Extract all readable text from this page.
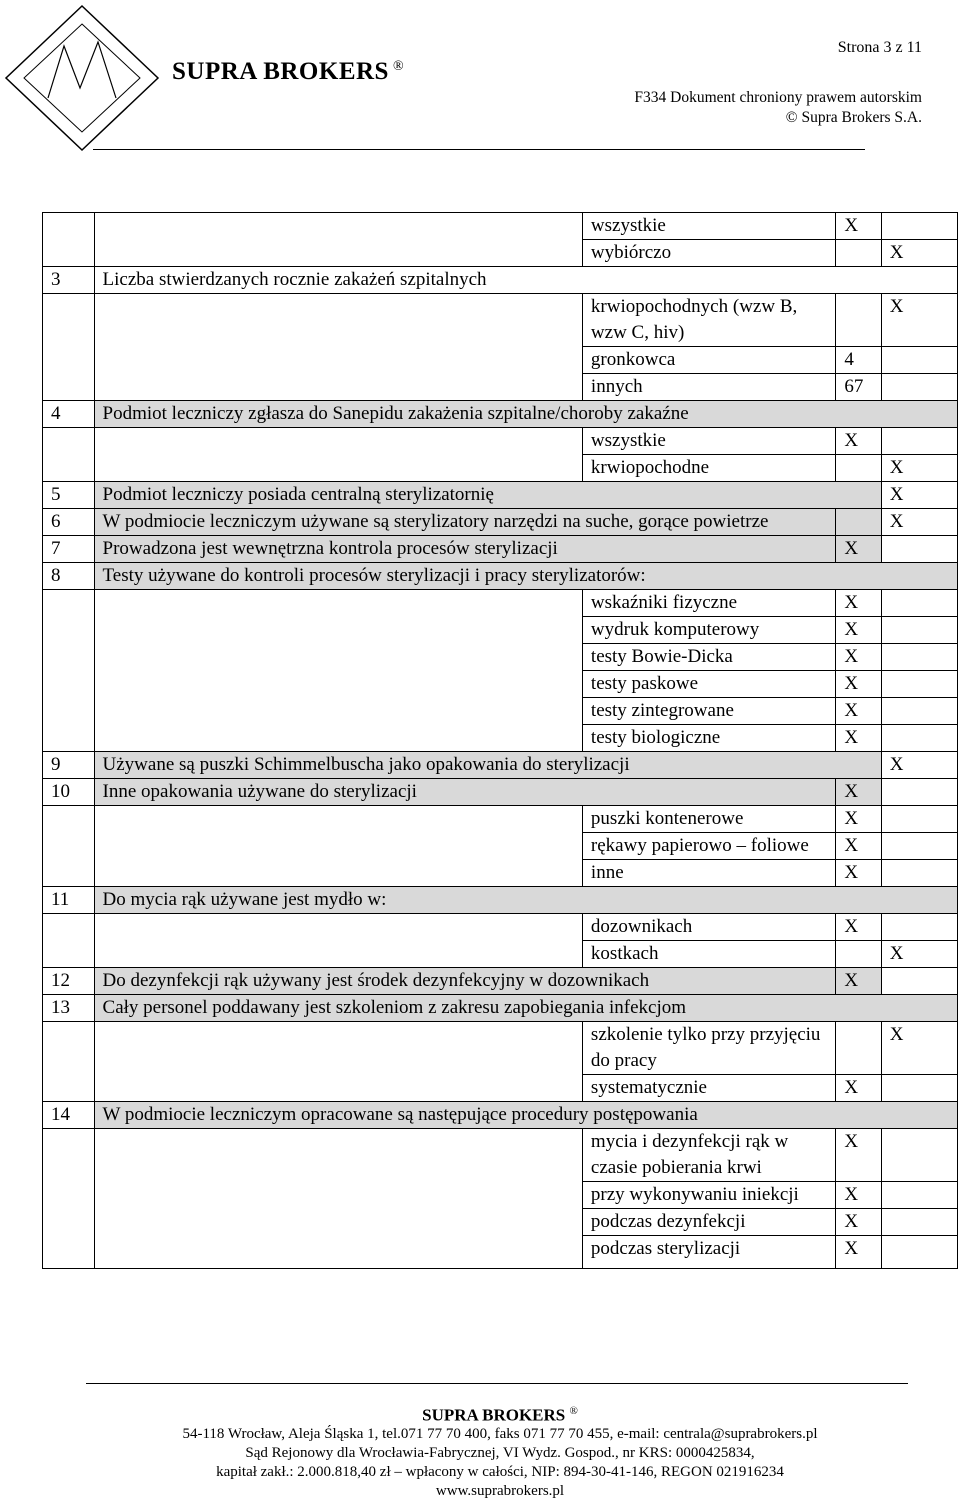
SUPRA BROKERS ®
Strona 3 z 11
F334 Dokument chroniony prawem autorskim
© Supra Brokers S.A.
		wszystkie	X	
		wybiórczo		X
3	Liczba stwierdzanych rocznie zakażeń szpitalnych			
		krwiopochodnych (wzw B, wzw C, hiv)		X
		gronkowca	4	
		innych	67	
4	Podmiot leczniczy zgłasza do Sanepidu zakażenia szpitalne/choroby zakaźne			
		wszystkie	X	
		krwiopochodne		X
5	Podmiot leczniczy posiada centralną sterylizatornię			X
6	W podmiocie leczniczym używane są sterylizatory narzędzi na suche, gorące powietrze			X
7	Prowadzona jest wewnętrzna kontrola procesów sterylizacji		X	
8	Testy używane do kontroli procesów sterylizacji i pracy sterylizatorów:			
		wskaźniki fizyczne	X	
		wydruk komputerowy	X	
		testy Bowie-Dicka	X	
		testy paskowe	X	
		testy zintegrowane	X	
		testy biologiczne	X	
9	Używane są puszki Schimmelbuscha jako opakowania do sterylizacji			X
10	Inne opakowania używane do sterylizacji		X	
		puszki kontenerowe	X	
		rękawy papierowo – foliowe	X	
		inne	X	
11	Do mycia rąk używane jest mydło w:			
		dozownikach	X	
		kostkach		X
12	Do dezynfekcji rąk używany jest środek dezynfekcyjny w dozownikach		X	
13	Cały personel poddawany jest szkoleniom z zakresu zapobiegania infekcjom			
		szkolenie tylko przy przyjęciu do pracy		X
		systematycznie	X	
14	W podmiocie leczniczym opracowane są następujące procedury postępowania			
		mycia i dezynfekcji rąk w czasie pobierania krwi	X	
		przy wykonywaniu iniekcji	X	
		podczas dezynfekcji	X	
		podczas sterylizacji	X	
SUPRA BROKERS ®
54-118 Wrocław, Aleja Śląska 1, tel.071 77 70 400, faks 071 77 70 455, e-mail: centrala@suprabrokers.pl
Sąd Rejonowy dla Wrocławia-Fabrycznej, VI Wydz. Gospod., nr KRS: 0000425834,
kapitał zakł.: 2.000.818,40 zł – wpłacony w całości, NIP: 894-30-41-146, REGON 021916234
www.suprabrokers.pl
